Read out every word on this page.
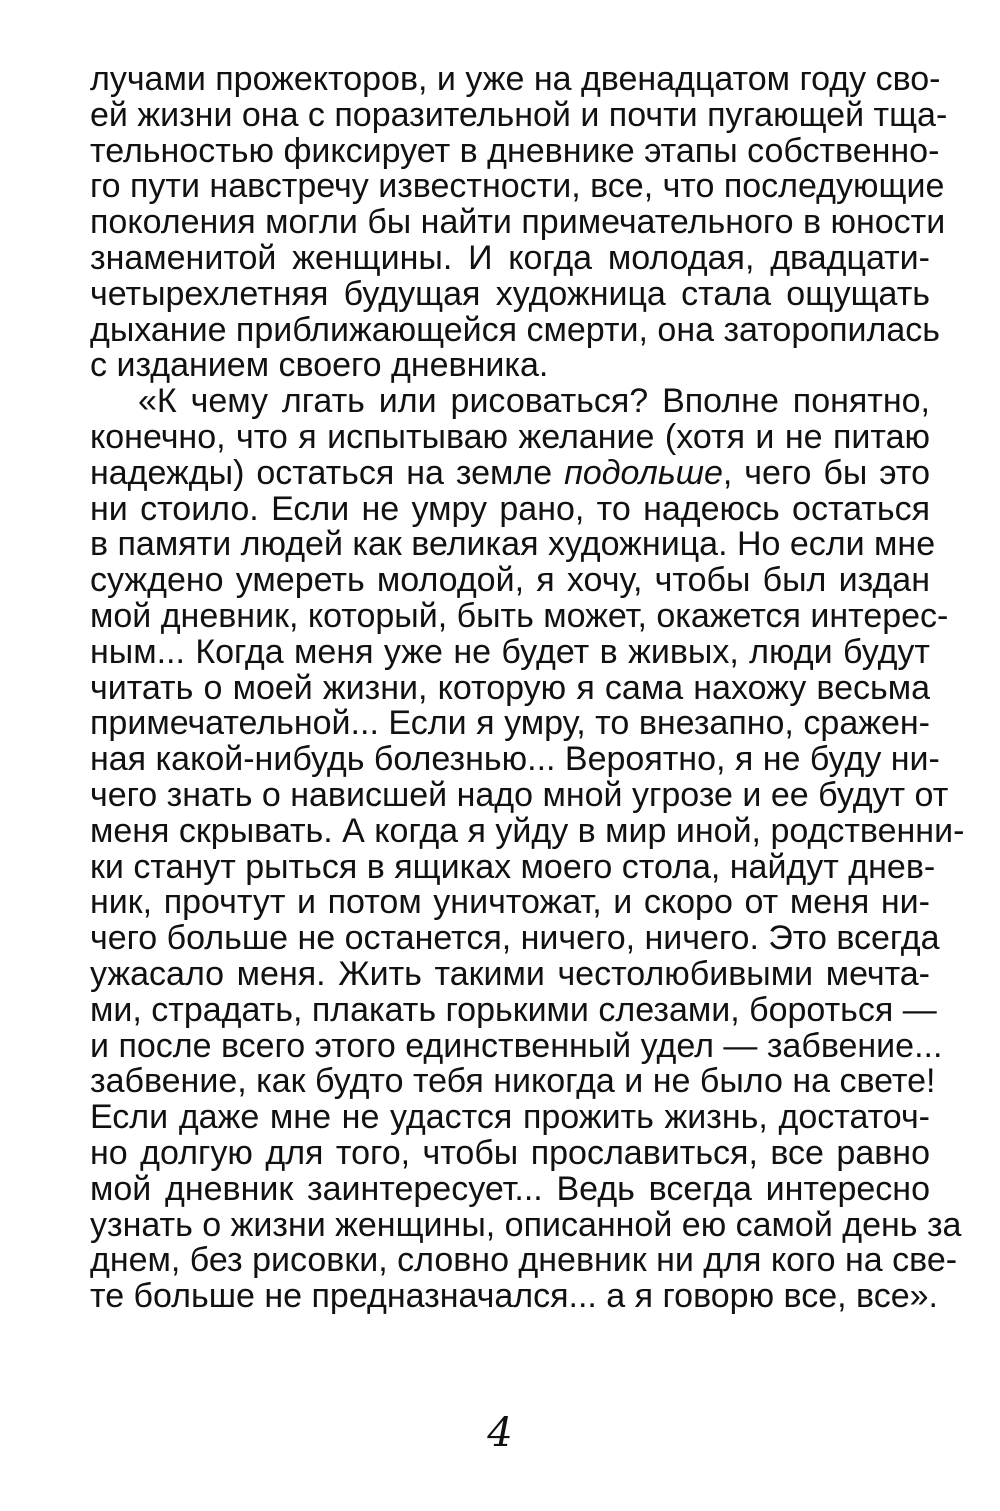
лучами прожекторов, и уже на двенадцатом году сво-
ей жизни она с поразительной и почти пугающей тща-
тельностью фиксирует в дневнике этапы собственно-
го пути навстречу известности, все, что последующие
поколения могли бы найти примечательного в юности
знаменитой женщины. И когда молодая, двадцати-
четырехлетняя будущая художница стала ощущать
дыхание приближающейся смерти, она заторопилась
с изданием своего дневника.
«К чему лгать или рисоваться? Вполне понятно,
конечно, что я испытываю желание (хотя и не питаю
надежды) остаться на земле подольше, чего бы это
ни стоило. Если не умру рано, то надеюсь остаться
в памяти людей как великая художница. Но если мне
суждено умереть молодой, я хочу, чтобы был издан
мой дневник, который, быть может, окажется интерес-
ным... Когда меня уже не будет в живых, люди будут
читать о моей жизни, которую я сама нахожу весьма
примечательной... Если я умру, то внезапно, сражен-
ная какой-нибудь болезнью... Вероятно, я не буду ни-
чего знать о нависшей надо мной угрозе и ее будут от
меня скрывать. А когда я уйду в мир иной, родственни-
ки станут рыться в ящиках моего стола, найдут днев-
ник, прочтут и потом уничтожат, и скоро от меня ни-
чего больше не останется, ничего, ничего. Это всегда
ужасало меня. Жить такими честолюбивыми мечта-
ми, страдать, плакать горькими слезами, бороться —
и после всего этого единственный удел — забвение...
забвение, как будто тебя никогда и не было на свете!
Если даже мне не удастся прожить жизнь, достаточ-
но долгую для того, чтобы прославиться, все равно
мой дневник заинтересует... Ведь всегда интересно
узнать о жизни женщины, описанной ею самой день за
днем, без рисовки, словно дневник ни для кого на све-
те больше не предназначался... а я говорю все, все».
4
